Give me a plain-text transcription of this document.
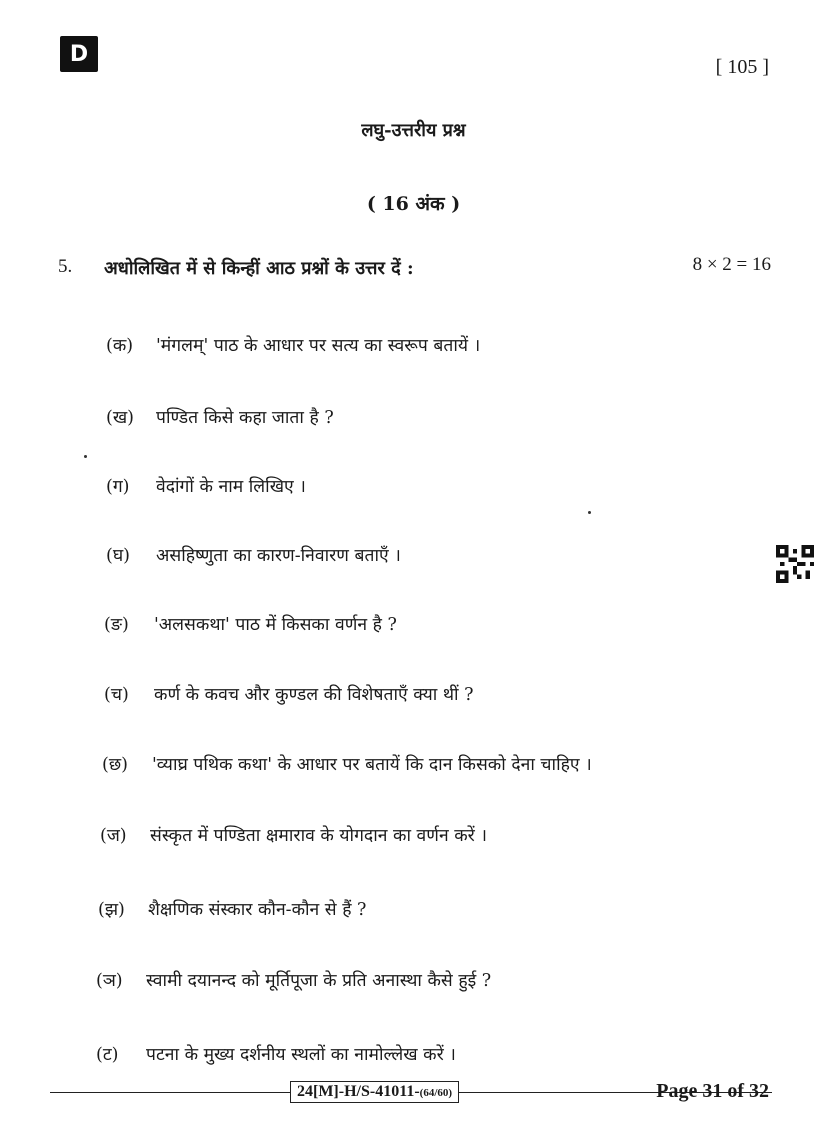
D
[ 105 ]
लघु-उत्तरीय प्रश्न
( 16 अंक )
5. अधोलिखित में से किन्हीं आठ प्रश्नों के उत्तर दें :	8 × 2 = 16
(क) 'मंगलम्' पाठ के आधार पर सत्य का स्वरूप बतायें ।
(ख) पण्डित किसे कहा जाता है ?
(ग) वेदांगों के नाम लिखिए ।
(घ) असहिष्णुता का कारण-निवारण बताएँ ।
(ङ) 'अलसकथा' पाठ में किसका वर्णन है ?
(च) कर्ण के कवच और कुण्डल की विशेषताएँ क्या थीं ?
(छ) 'व्याघ्र पथिक कथा' के आधार पर बतायें कि दान किसको देना चाहिए ।
(ज) संस्कृत में पण्डिता क्षमाराव के योगदान का वर्णन करें ।
(झ) शैक्षणिक संस्कार कौन-कौन से हैं ?
(ञ) स्वामी दयानन्द को मूर्तिपूजा के प्रति अनास्था कैसे हुई ?
(ट) पटना के मुख्य दर्शनीय स्थलों का नामोल्लेख करें ।
24[M]-H/S-41011-(64/60)	Page 31 of 32
